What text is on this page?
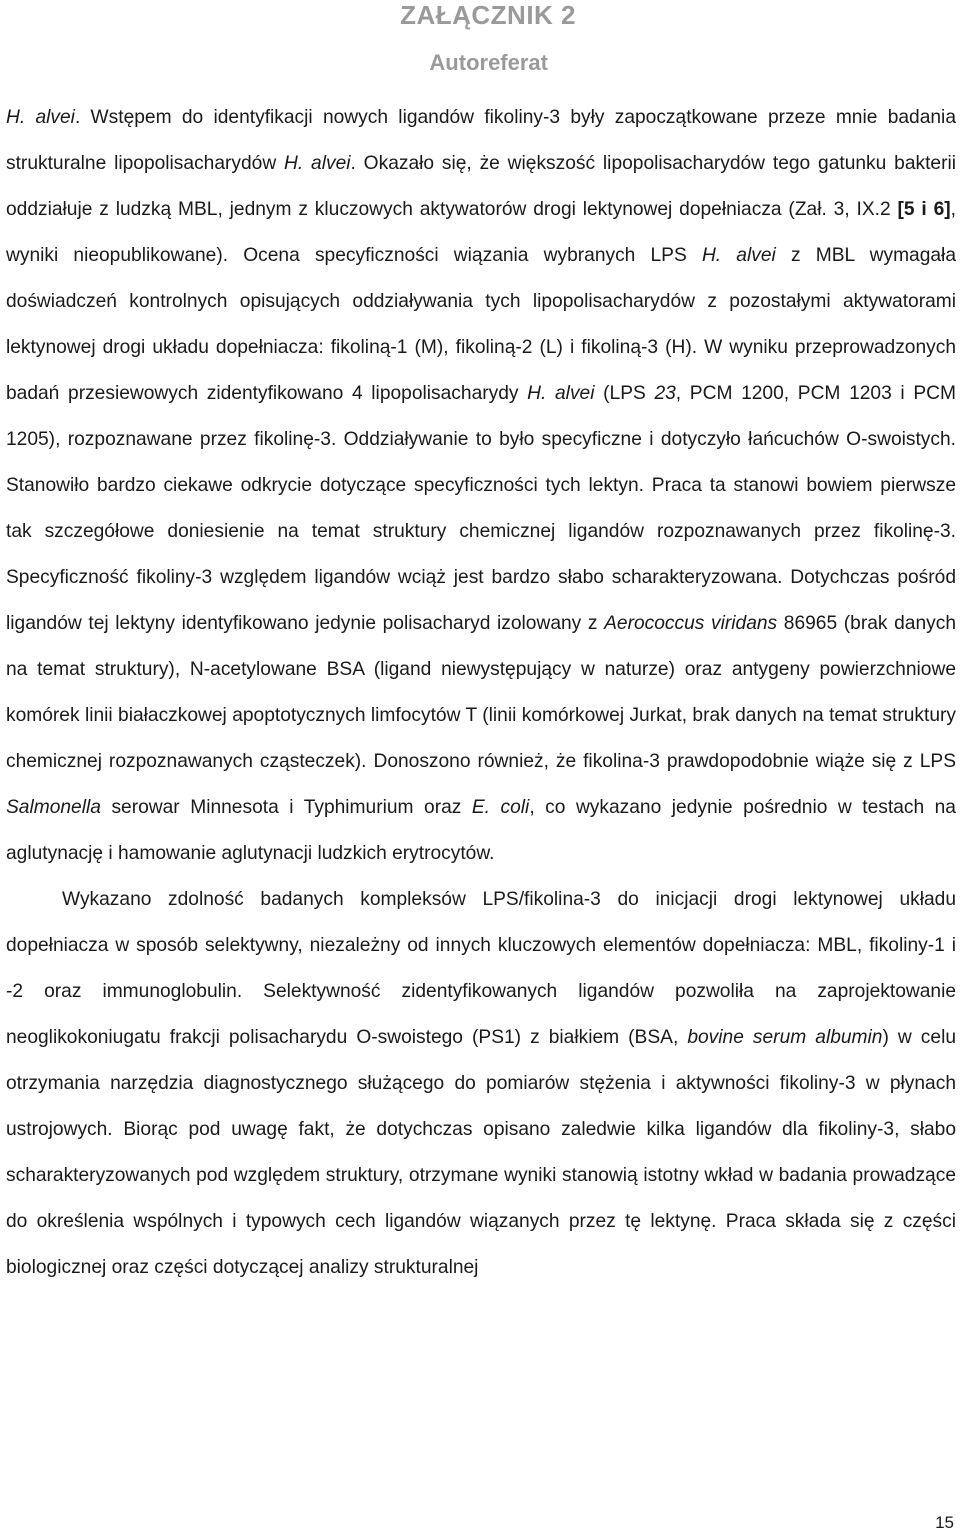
ZAŁĄCZNIK 2
Autoreferat

H. alvei. Wstępem do identyfikacji nowych ligandów fikoliny-3 były zapoczątkowane przeze mnie badania strukturalne lipopolisacharydów H. alvei. Okazało się, że większość lipopolisacharydów tego gatunku bakterii oddziałuje z ludzką MBL, jednym z kluczowych aktywatorów drogi lektynowej dopełniacza (Zał. 3, IX.2 [5 i 6], wyniki nieopublikowane). Ocena specyficzności wiązania wybranych LPS H. alvei z MBL wymagała doświadczeń kontrolnych opisujących oddziaływania tych lipopolisacharydów z pozostałymi aktywatorami lektynowej drogi układu dopełniacza: fikoliną-1 (M), fikoliną-2 (L) i fikoliną-3 (H). W wyniku przeprowadzonych badań przesiewowych zidentyfikowano 4 lipopolisacharydy H. alvei (LPS 23, PCM 1200, PCM 1203 i PCM 1205), rozpoznawane przez fikolinę-3. Oddziaływanie to było specyficzne i dotyczyło łańcuchów O-swoistych. Stanowiło bardzo ciekawe odkrycie dotyczące specyficzności tych lektyn. Praca ta stanowi bowiem pierwsze tak szczegółowe doniesienie na temat struktury chemicznej ligandów rozpoznawanych przez fikolinę-3. Specyficzność fikoliny-3 względem ligandów wciąż jest bardzo słabo scharakteryzowana. Dotychczas pośród ligandów tej lektyny identyfikowano jedynie polisacharyd izolowany z Aerococcus viridans 86965 (brak danych na temat struktury), N-acetylowane BSA (ligand niewystępujący w naturze) oraz antygeny powierzchniowe komórek linii białaczkowej apoptotycznych limfocytów T (linii komórkowej Jurkat, brak danych na temat struktury chemicznej rozpoznawanych cząsteczek). Donoszono również, że fikolina-3 prawdopodobnie wiąże się z LPS Salmonella serowar Minnesota i Typhimurium oraz E. coli, co wykazano jedynie pośrednio w testach na aglutynację i hamowanie aglutynacji ludzkich erytrocytów.

Wykazano zdolność badanych kompleksów LPS/fikolina-3 do inicjacji drogi lektynowej układu dopełniacza w sposób selektywny, niezależny od innych kluczowych elementów dopełniacza: MBL, fikoliny-1 i -2 oraz immunoglobulin. Selektywność zidentyfikowanych ligandów pozwoliła na zaprojektowanie neoglikokoniugatu frakcji polisacharydu O-swoistego (PS1) z białkiem (BSA, bovine serum albumin) w celu otrzymania narzędzia diagnostycznego służącego do pomiarów stężenia i aktywności fikoliny-3 w płynach ustrojowych. Biorąc pod uwagę fakt, że dotychczas opisano zaledwie kilka ligandów dla fikoliny-3, słabo scharakteryzowanych pod względem struktury, otrzymane wyniki stanowią istotny wkład w badania prowadzące do określenia wspólnych i typowych cech ligandów wiązanych przez tę lektynę. Praca składa się z części biologicznej oraz części dotyczącej analizy strukturalnej

15
